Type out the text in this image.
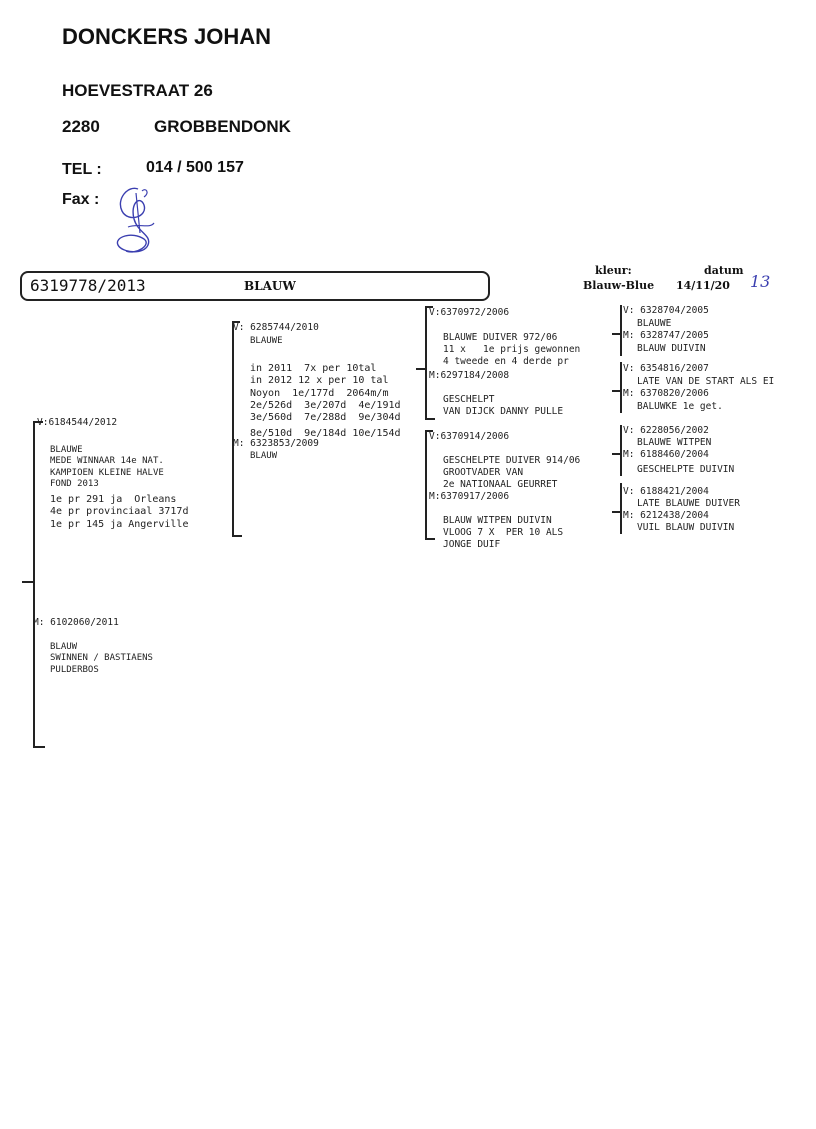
DONCKERS JOHAN
HOEVESTRAAT 26
2280	GROBBENDONK
TEL :	014 / 500 157
Fax :
6319778/2013	BLAUW
kleur:
Blauw-Blue
datum
14/11/20 13
V:6184544/2012

BLAUWE
MEDE WINNAAR 14e NAT.
KAMPIOEN KLEINE HALVE
FOND 2013

1e pr 291 ja  Orleans
4e pr provinciaal 3717d
1e pr 145 ja Angerville
M: 6102060/2011

BLAUW
SWINNEN / BASTIAENS
PULDERBOS
V: 6285744/2010
BLAUWE

in 2011  7x per 10tal
in 2012 12 x per 10 tal
Noyon  1e/177d  2064m/m
2e/526d  3e/207d  4e/191d
3e/560d  7e/288d  9e/304d
8e/510d  9e/184d 10e/154d
M: 6323853/2009
BLAUW
V:6370972/2006

BLAUWE DUIVER 972/06
11 x   1e prijs gewonnen
4 tweede en 4 derde pr
M:6297184/2008

GESCHELPT
VAN DIJCK DANNY PULLE
V:6370914/2006

GESCHELPTE DUIVER 914/06
GROOTVADER VAN
2e NATIONAAL GEURRET
M:6370917/2006

BLAUW WITPEN DUIVIN
VLOOG 7 X  PER 10 ALS
JONGE DUIF
V: 6328704/2005
BLAUWE
M: 6328747/2005
BLAUW DUIVIN
V: 6354816/2007
LATE VAN DE START ALS EI
M: 6370820/2006
BALUWKE 1e get.
V: 6228056/2002
BLAUWE WITPEN
M: 6188460/2004
GESCHELPTE DUIVIN
V: 6188421/2004
LATE BLAUWE DUIVER
M: 6212438/2004
VUIL BLAUW DUIVIN
